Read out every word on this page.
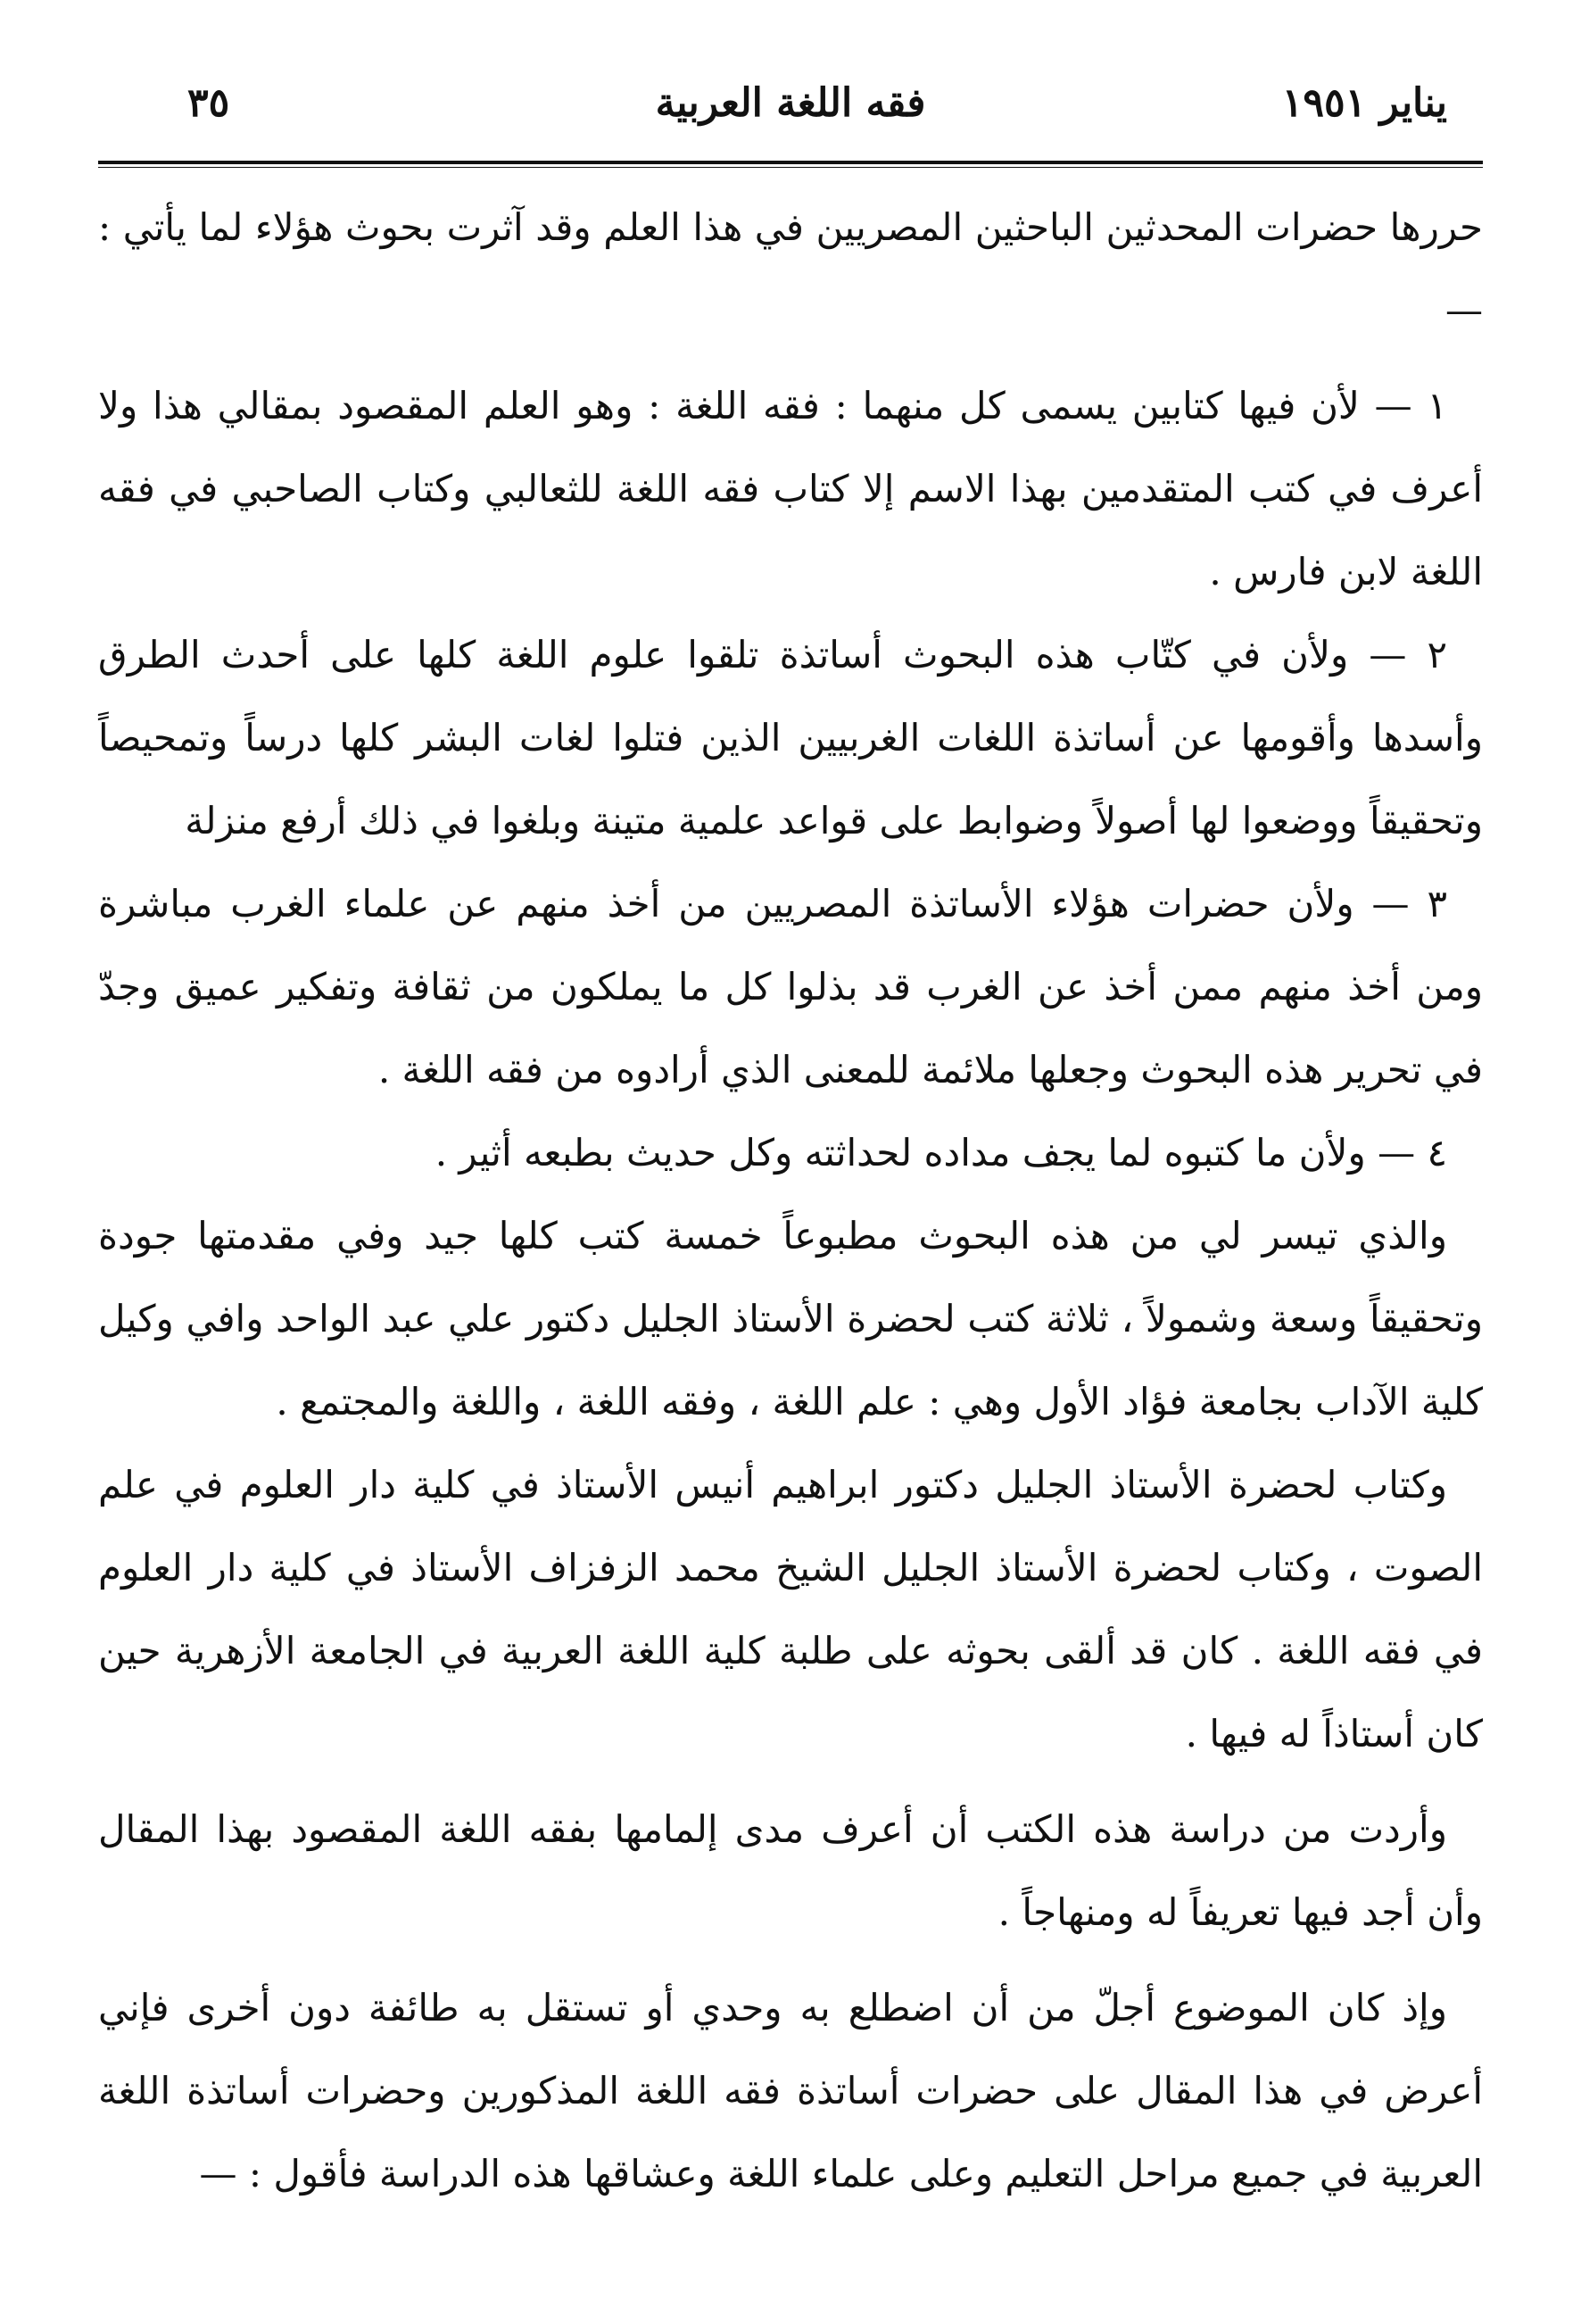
يناير ١٩٥١
فقه اللغة العربية
٣٥

حررها حضرات المحدثين الباحثين المصريين في هذا العلم وقد آثرت بحوث هؤلاء لما يأتي : —

١ — لأن فيها كتابين يسمى كل منهما : فقه اللغة : وهو العلم المقصود بمقالي هذا ولا أعرف في كتب المتقدمين بهذا الاسم إلا كتاب فقه اللغة للثعالبي وكتاب الصاحبي في فقه اللغة لابن فارس .

٢ — ولأن في كتّاب هذه البحوث أساتذة تلقوا علوم اللغة كلها على أحدث الطرق وأسدها وأقومها عن أساتذة اللغات الغربيين الذين فتلوا لغات البشر كلها درساً وتمحيصاً وتحقيقاً ووضعوا لها أصولاً وضوابط على قواعد علمية متينة وبلغوا في ذلك أرفع منزلة

٣ — ولأن حضرات هؤلاء الأساتذة المصريين من أخذ منهم عن علماء الغرب مباشرة ومن أخذ منهم ممن أخذ عن الغرب قد بذلوا كل ما يملكون من ثقافة وتفكير عميق وجدّ في تحرير هذه البحوث وجعلها ملائمة للمعنى الذي أرادوه من فقه اللغة .

٤ — ولأن ما كتبوه لما يجف مداده لحداثته وكل حديث بطبعه أثير .

والذي تيسر لي من هذه البحوث مطبوعاً خمسة كتب كلها جيد وفي مقدمتها جودة وتحقيقاً وسعة وشمولاً ، ثلاثة كتب لحضرة الأستاذ الجليل دكتور علي عبد الواحد وافي وكيل كلية الآداب بجامعة فؤاد الأول وهي : علم اللغة ، وفقه اللغة ، واللغة والمجتمع .

وكتاب لحضرة الأستاذ الجليل دكتور ابراهيم أنيس الأستاذ في كلية دار العلوم في علم الصوت ، وكتاب لحضرة الأستاذ الجليل الشيخ محمد الزفزاف الأستاذ في كلية دار العلوم في فقه اللغة . كان قد ألقى بحوثه على طلبة كلية اللغة العربية في الجامعة الأزهرية حين كان أستاذاً له فيها .

وأردت من دراسة هذه الكتب أن أعرف مدى إلمامها بفقه اللغة المقصود بهذا المقال وأن أجد فيها تعريفاً له ومنهاجاً .

وإذ كان الموضوع أجلّ من أن اضطلع به وحدي أو تستقل به طائفة دون أخرى فإني أعرض في هذا المقال على حضرات أساتذة فقه اللغة المذكورين وحضرات أساتذة اللغة العربية في جميع مراحل التعليم وعلى علماء اللغة وعشاقها هذه الدراسة فأقول : —
